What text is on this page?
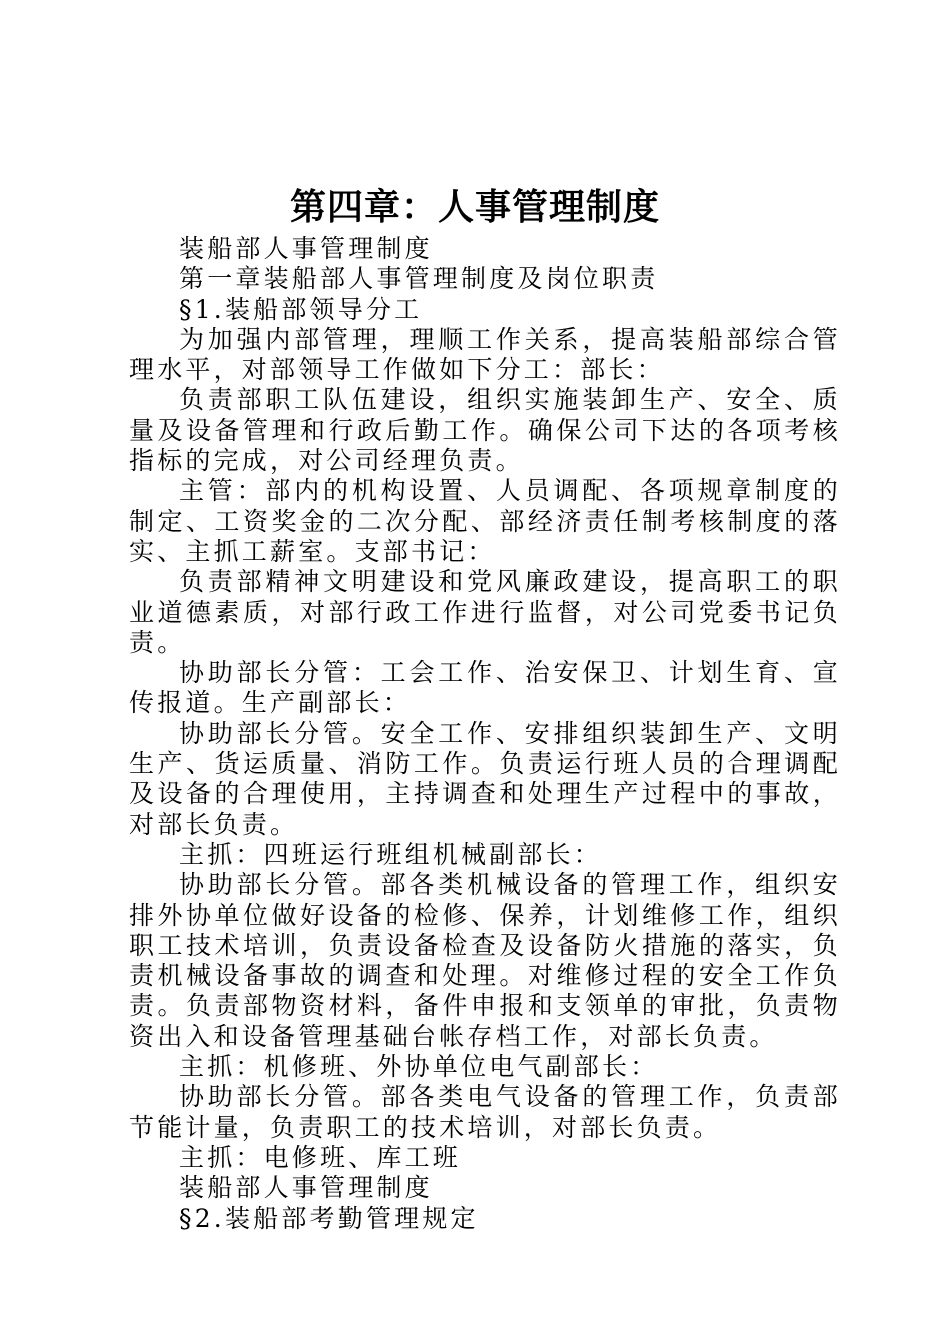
第四章：人事管理制度

装船部人事管理制度

第一章装船部人事管理制度及岗位职责

§1.装船部领导分工

为加强内部管理，理顺工作关系，提高装船部综合管理水平，对部领导工作做如下分工：部长：

负责部职工队伍建设，组织实施装卸生产、安全、质量及设备管理和行政后勤工作。确保公司下达的各项考核指标的完成，对公司经理负责。

主管：部内的机构设置、人员调配、各项规章制度的制定、工资奖金的二次分配、部经济责任制考核制度的落实、主抓工薪室。支部书记：

负责部精神文明建设和党风廉政建设，提高职工的职业道德素质，对部行政工作进行监督，对公司党委书记负责。

协助部长分管：工会工作、治安保卫、计划生育、宣传报道。生产副部长：

协助部长分管。安全工作、安排组织装卸生产、文明生产、货运质量、消防工作。负责运行班人员的合理调配及设备的合理使用，主持调查和处理生产过程中的事故，对部长负责。

主抓：四班运行班组机械副部长：

协助部长分管。部各类机械设备的管理工作，组织安排外协单位做好设备的检修、保养，计划维修工作，组织职工技术培训，负责设备检查及设备防火措施的落实，负责机械设备事故的调查和处理。对维修过程的安全工作负责。负责部物资材料，备件申报和支领单的审批，负责物资出入和设备管理基础台帐存档工作，对部长负责。

主抓：机修班、外协单位电气副部长：

协助部长分管。部各类电气设备的管理工作，负责部节能计量，负责职工的技术培训，对部长负责。

主抓：电修班、库工班

装船部人事管理制度

§2.装船部考勤管理规定
